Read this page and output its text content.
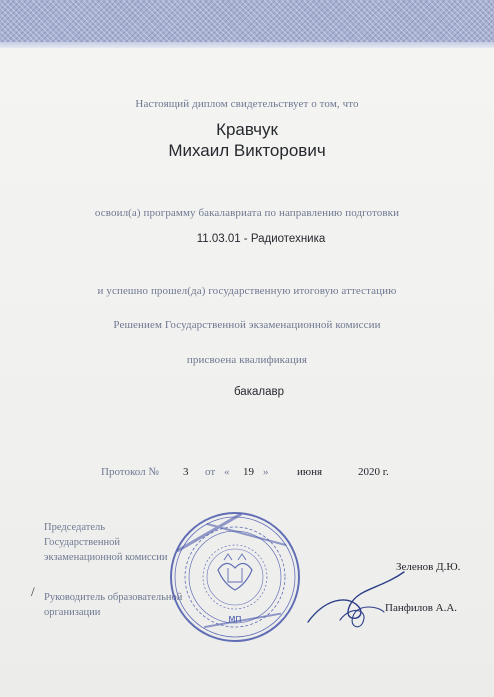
Настоящий диплом свидетельствует о том, что
Кравчук
Михаил Викторович
освоил(а) программу бакалавриата по направлению подготовки
11.03.01 - Радиотехника
и успешно прошел(да) государственную итоговую аттестацию
Решением Государственной экзаменационной комиссии
присвоена квалификация
бакалавр
Протокол № 3 от « 19 »	июня	2020 г.
Председатель
Государственной
экзаменационной комиссии
Зеленов Д.Ю.
/ Руководитель образовательной
организации	Панфилов А.А.
МП
